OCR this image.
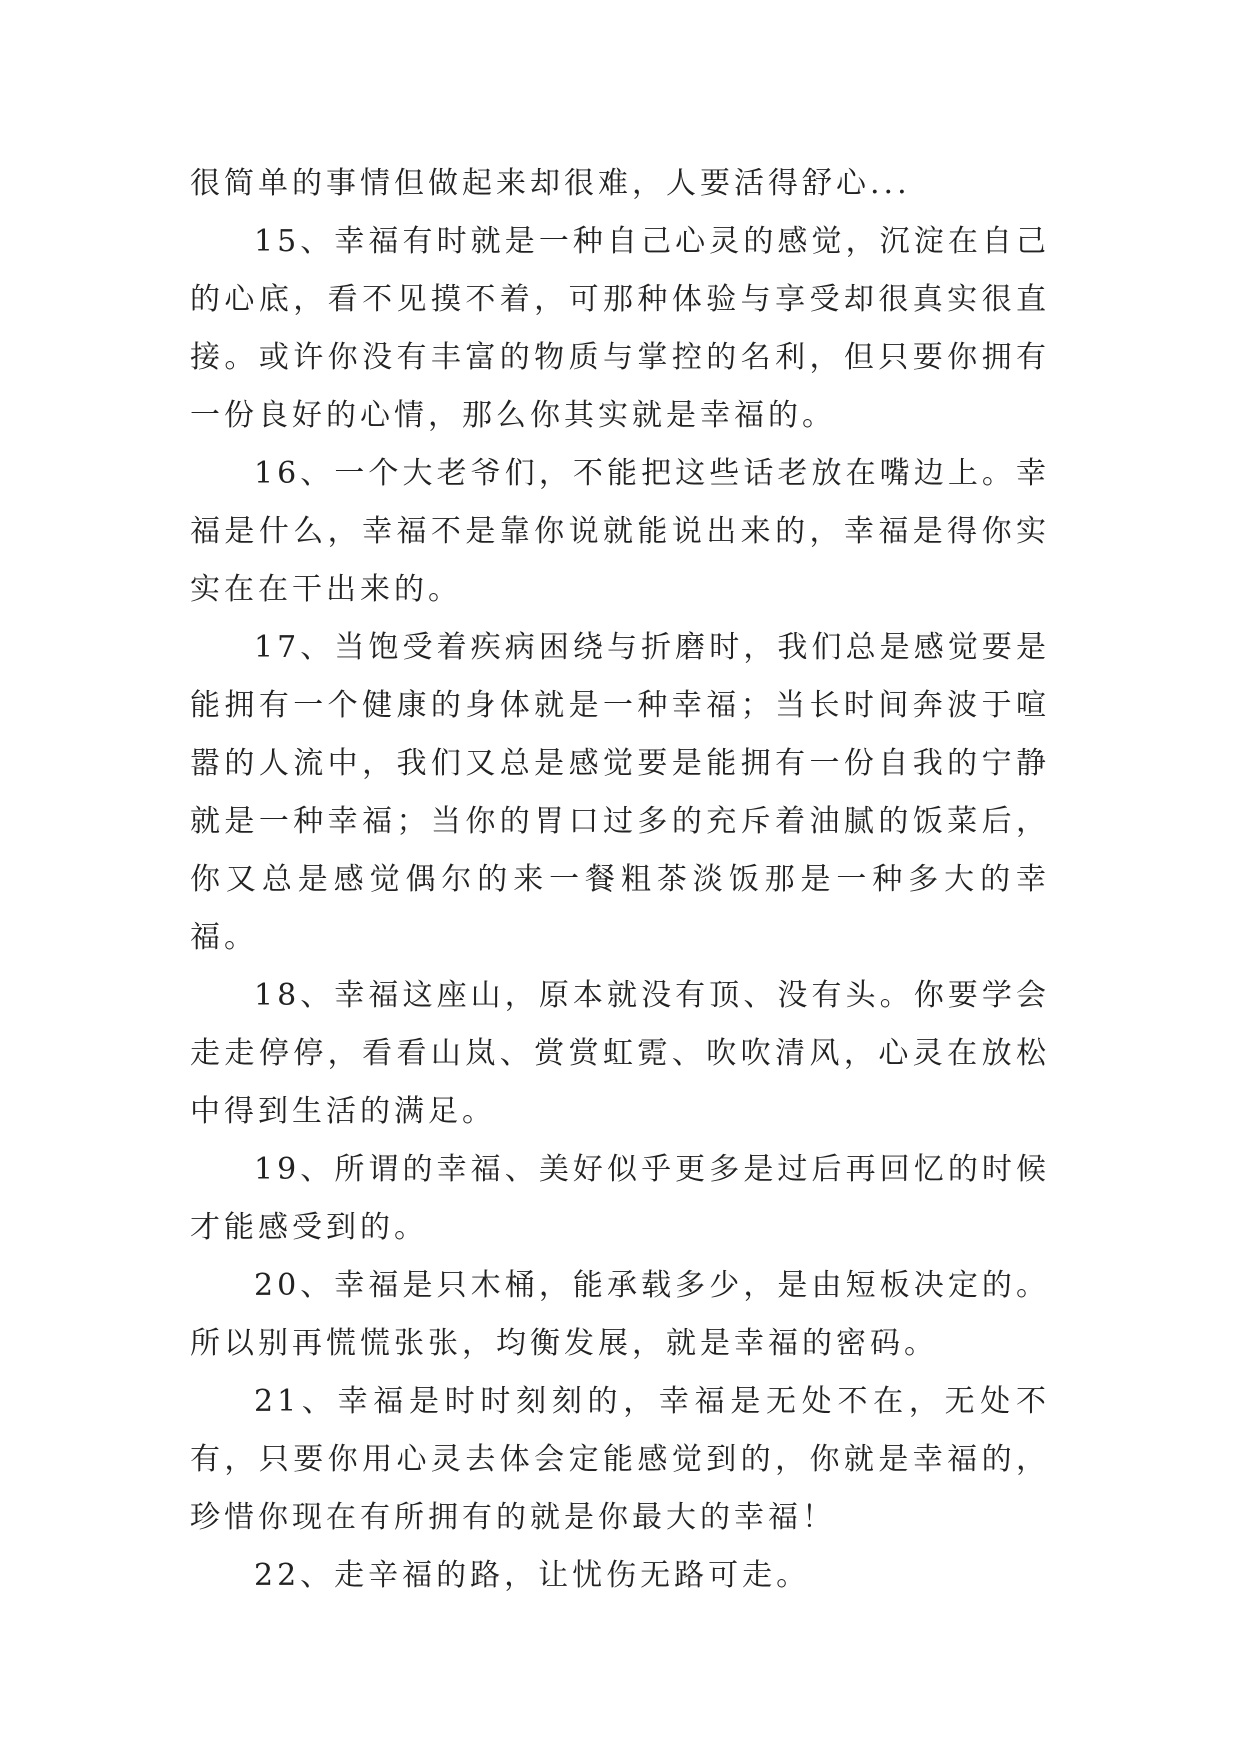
很简单的事情但做起来却很难，人要活得舒心...

15、幸福有时就是一种自己心灵的感觉，沉淀在自己的心底，看不见摸不着，可那种体验与享受却很真实很直接。或许你没有丰富的物质与掌控的名利，但只要你拥有一份良好的心情，那么你其实就是幸福的。

16、一个大老爷们，不能把这些话老放在嘴边上。幸福是什么，幸福不是靠你说就能说出来的，幸福是得你实实在在干出来的。

17、当饱受着疾病困绕与折磨时，我们总是感觉要是能拥有一个健康的身体就是一种幸福；当长时间奔波于喧嚣的人流中，我们又总是感觉要是能拥有一份自我的宁静就是一种幸福；当你的胃口过多的充斥着油腻的饭菜后，你又总是感觉偶尔的来一餐粗茶淡饭那是一种多大的幸福。

18、幸福这座山，原本就没有顶、没有头。你要学会走走停停，看看山岚、赏赏虹霓、吹吹清风，心灵在放松中得到生活的满足。

19、所谓的幸福、美好似乎更多是过后再回忆的时候才能感受到的。

20、幸福是只木桶，能承载多少，是由短板决定的。所以别再慌慌张张，均衡发展，就是幸福的密码。

21、幸福是时时刻刻的，幸福是无处不在，无处不有，只要你用心灵去体会定能感觉到的，你就是幸福的，珍惜你现在有所拥有的就是你最大的幸福！

22、走辛福的路，让忧伤无路可走。
